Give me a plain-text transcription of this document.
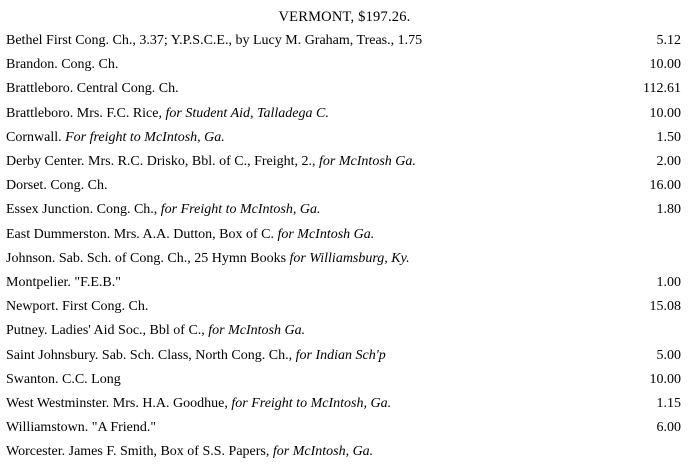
VERMONT, $197.26.
Bethel First Cong. Ch., 3.37; Y.P.S.C.E., by Lucy M. Graham, Treas., 1.75	5.12
Brandon. Cong. Ch.	10.00
Brattleboro. Central Cong. Ch.	112.61
Brattleboro. Mrs. F.C. Rice, for Student Aid, Talladega C.	10.00
Cornwall. For freight to McIntosh, Ga.	1.50
Derby Center. Mrs. R.C. Drisko, Bbl. of C., Freight, 2., for McIntosh Ga.	2.00
Dorset. Cong. Ch.	16.00
Essex Junction. Cong. Ch., for Freight to McIntosh, Ga.	1.80
East Dummerston. Mrs. A.A. Dutton, Box of C. for McIntosh Ga.
Johnson. Sab. Sch. of Cong. Ch., 25 Hymn Books for Williamsburg, Ky.
Montpelier. "F.E.B."	1.00
Newport. First Cong. Ch.	15.08
Putney. Ladies' Aid Soc., Bbl of C., for McIntosh Ga.
Saint Johnsbury. Sab. Sch. Class, North Cong. Ch., for Indian Sch'p	5.00
Swanton. C.C. Long	10.00
West Westminster. Mrs. H.A. Goodhue, for Freight to McIntosh, Ga.	1.15
Williamstown. "A Friend."	6.00
Worcester. James F. Smith, Box of S.S. Papers, for McIntosh, Ga.
